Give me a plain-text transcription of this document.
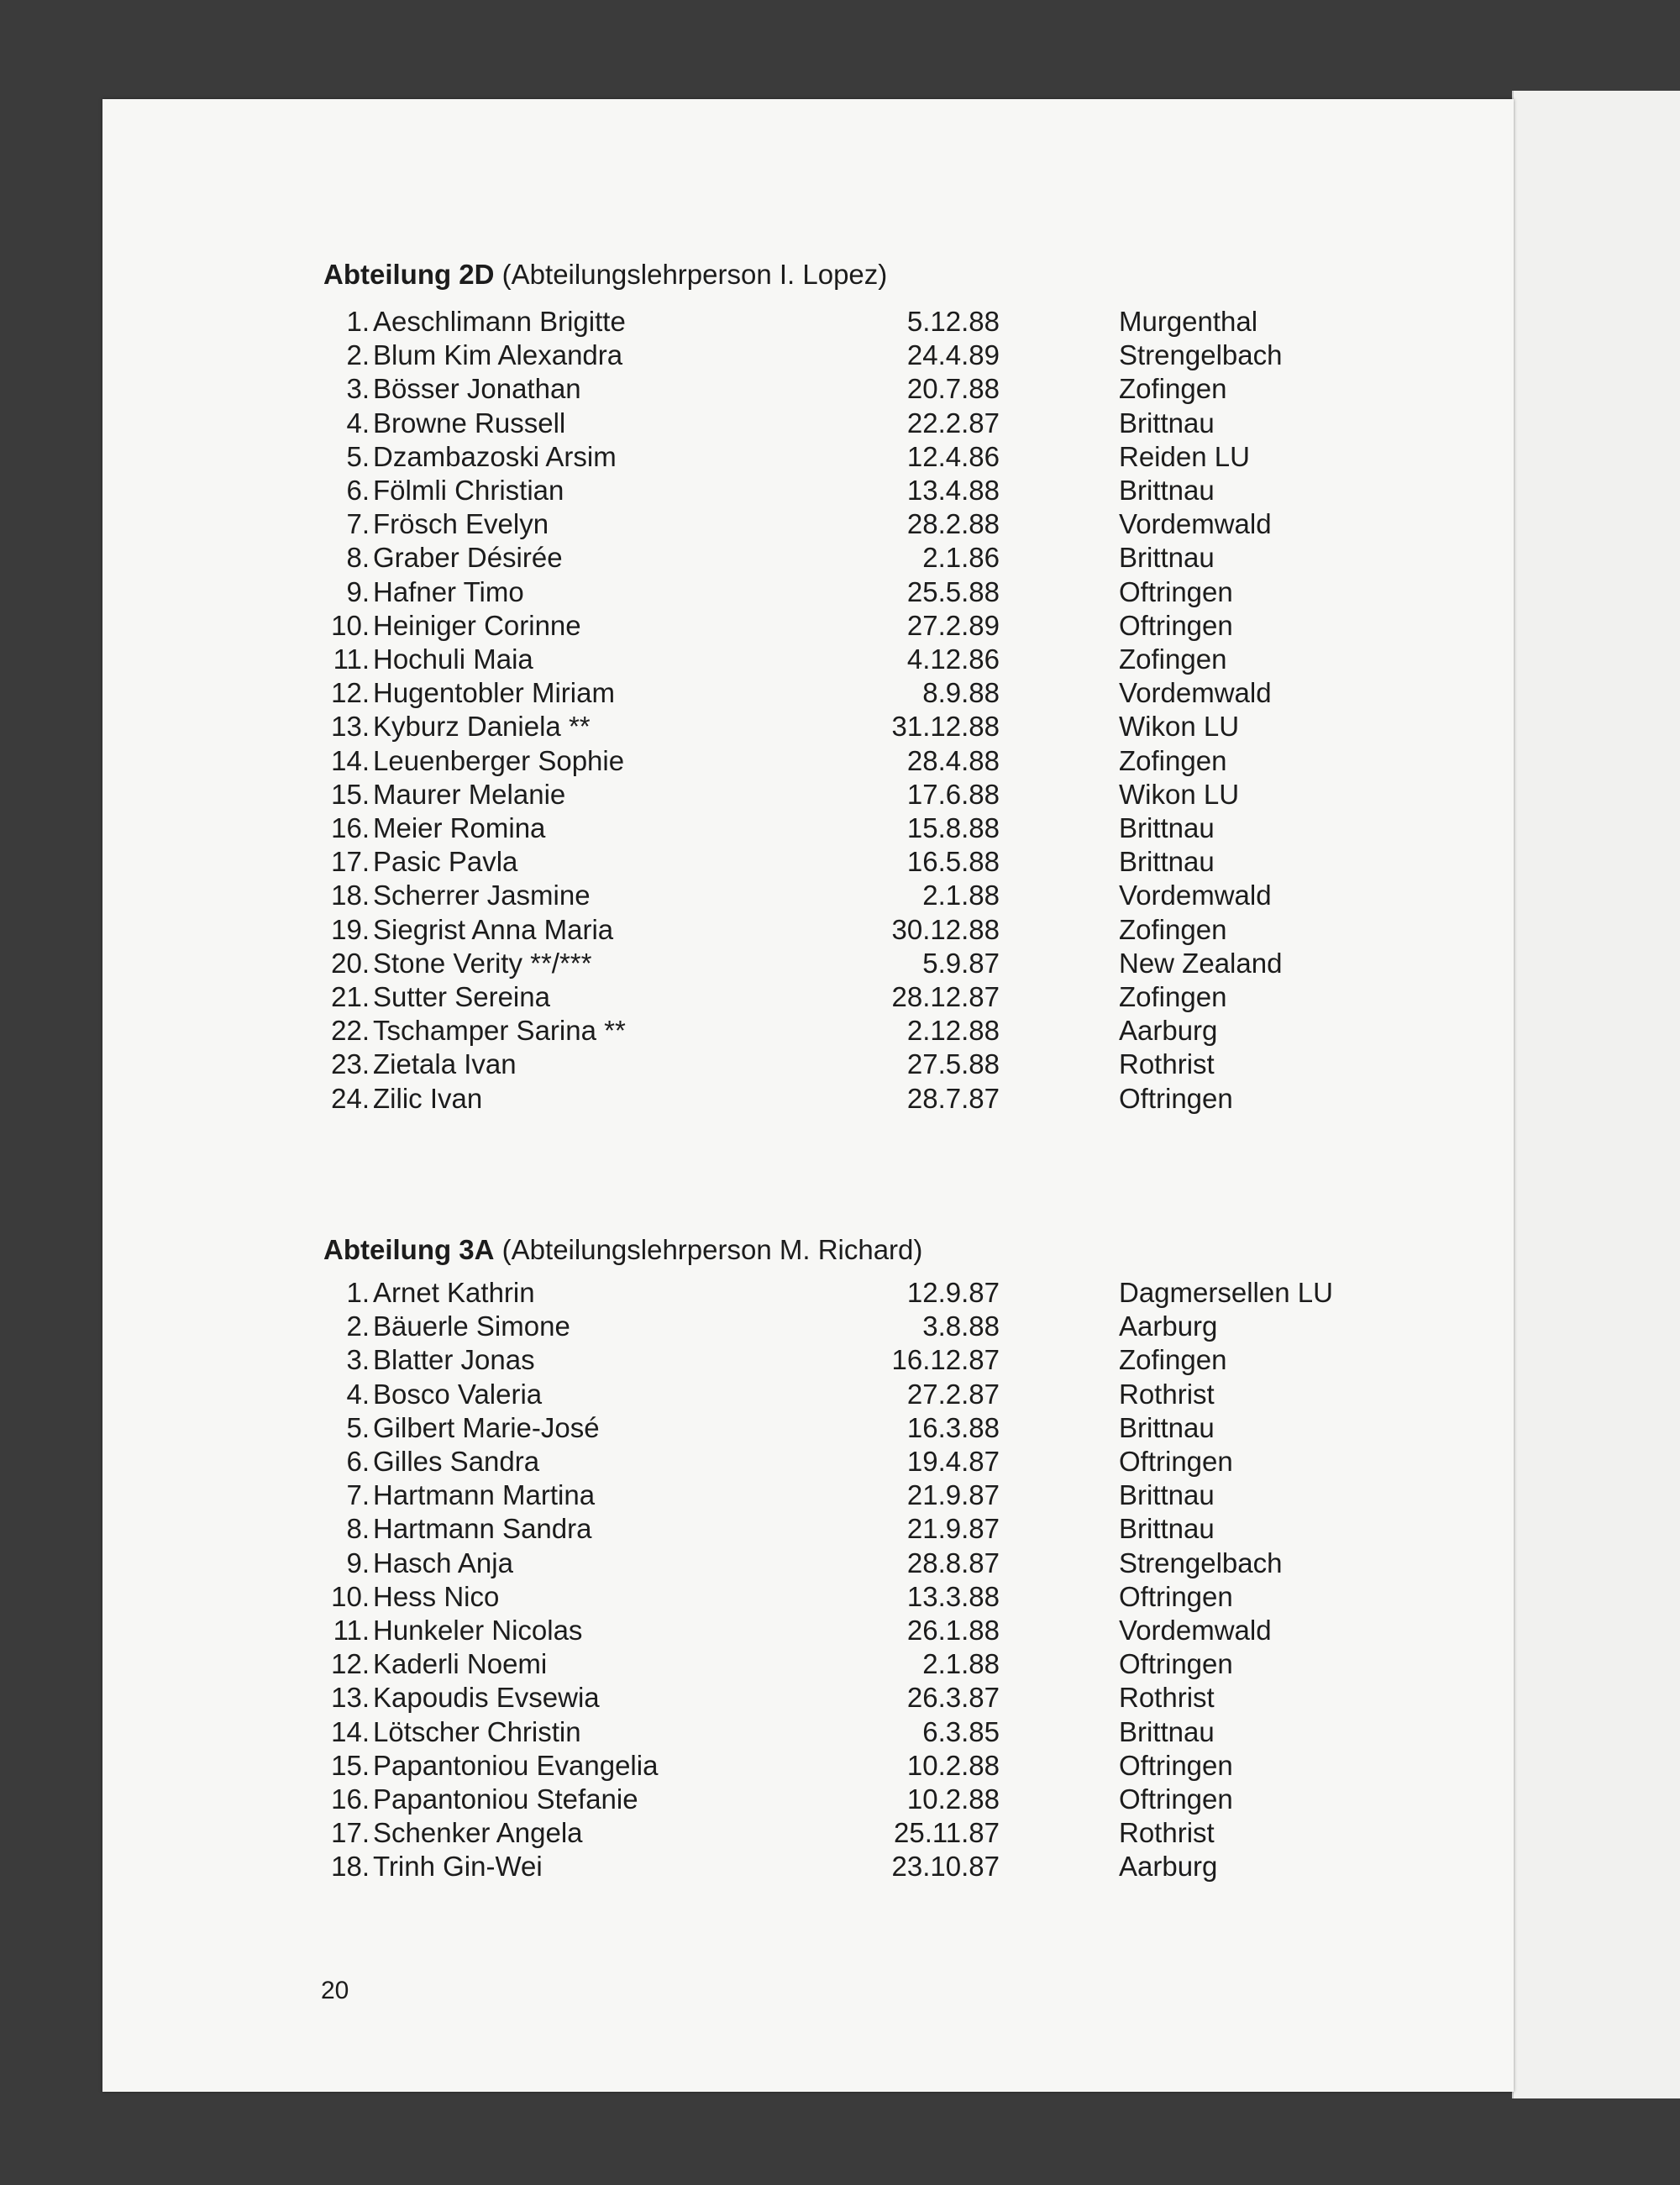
Abteilung 2D (Abteilungslehrperson I. Lopez)
Abteilung 3A (Abteilungslehrperson M. Richard)
20
1. Aeschlimann Brigitte	5.12.88	Murgenthal
2. Blum Kim Alexandra	24.4.89	Strengelbach
3. Bösser Jonathan	20.7.88	Zofingen
4. Browne Russell	22.2.87	Brittnau
5. Dzambazoski Arsim	12.4.86	Reiden LU
6. Fölmli Christian	13.4.88	Brittnau
7. Frösch Evelyn	28.2.88	Vordemwald
8. Graber Désirée	2.1.86	Brittnau
9. Hafner Timo	25.5.88	Oftringen
10. Heiniger Corinne	27.2.89	Oftringen
11. Hochuli Maia	4.12.86	Zofingen
12. Hugentobler Miriam	8.9.88	Vordemwald
13. Kyburz Daniela **	31.12.88	Wikon LU
14. Leuenberger Sophie	28.4.88	Zofingen
15. Maurer Melanie	17.6.88	Wikon LU
16. Meier Romina	15.8.88	Brittnau
17. Pasic Pavla	16.5.88	Brittnau
18. Scherrer Jasmine	2.1.88	Vordemwald
19. Siegrist Anna Maria	30.12.88	Zofingen
20. Stone Verity **/***	5.9.87	New Zealand
21. Sutter Sereina	28.12.87	Zofingen
22. Tschamper Sarina **	2.12.88	Aarburg
23. Zietala Ivan	27.5.88	Rothrist
24. Zilic Ivan	28.7.87	Oftringen
1. Arnet Kathrin	12.9.87	Dagmersellen LU
2. Bäuerle Simone	3.8.88	Aarburg
3. Blatter Jonas	16.12.87	Zofingen
4. Bosco Valeria	27.2.87	Rothrist
5. Gilbert Marie-José	16.3.88	Brittnau
6. Gilles Sandra	19.4.87	Oftringen
7. Hartmann Martina	21.9.87	Brittnau
8. Hartmann Sandra	21.9.87	Brittnau
9. Hasch Anja	28.8.87	Strengelbach
10. Hess Nico	13.3.88	Oftringen
11. Hunkeler Nicolas	26.1.88	Vordemwald
12. Kaderli Noemi	2.1.88	Oftringen
13. Kapoudis Evsewia	26.3.87	Rothrist
14. Lötscher Christin	6.3.85	Brittnau
15. Papantoniou Evangelia	10.2.88	Oftringen
16. Papantoniou Stefanie	10.2.88	Oftringen
17. Schenker Angela	25.11.87	Rothrist
18. Trinh Gin-Wei	23.10.87	Aarburg
